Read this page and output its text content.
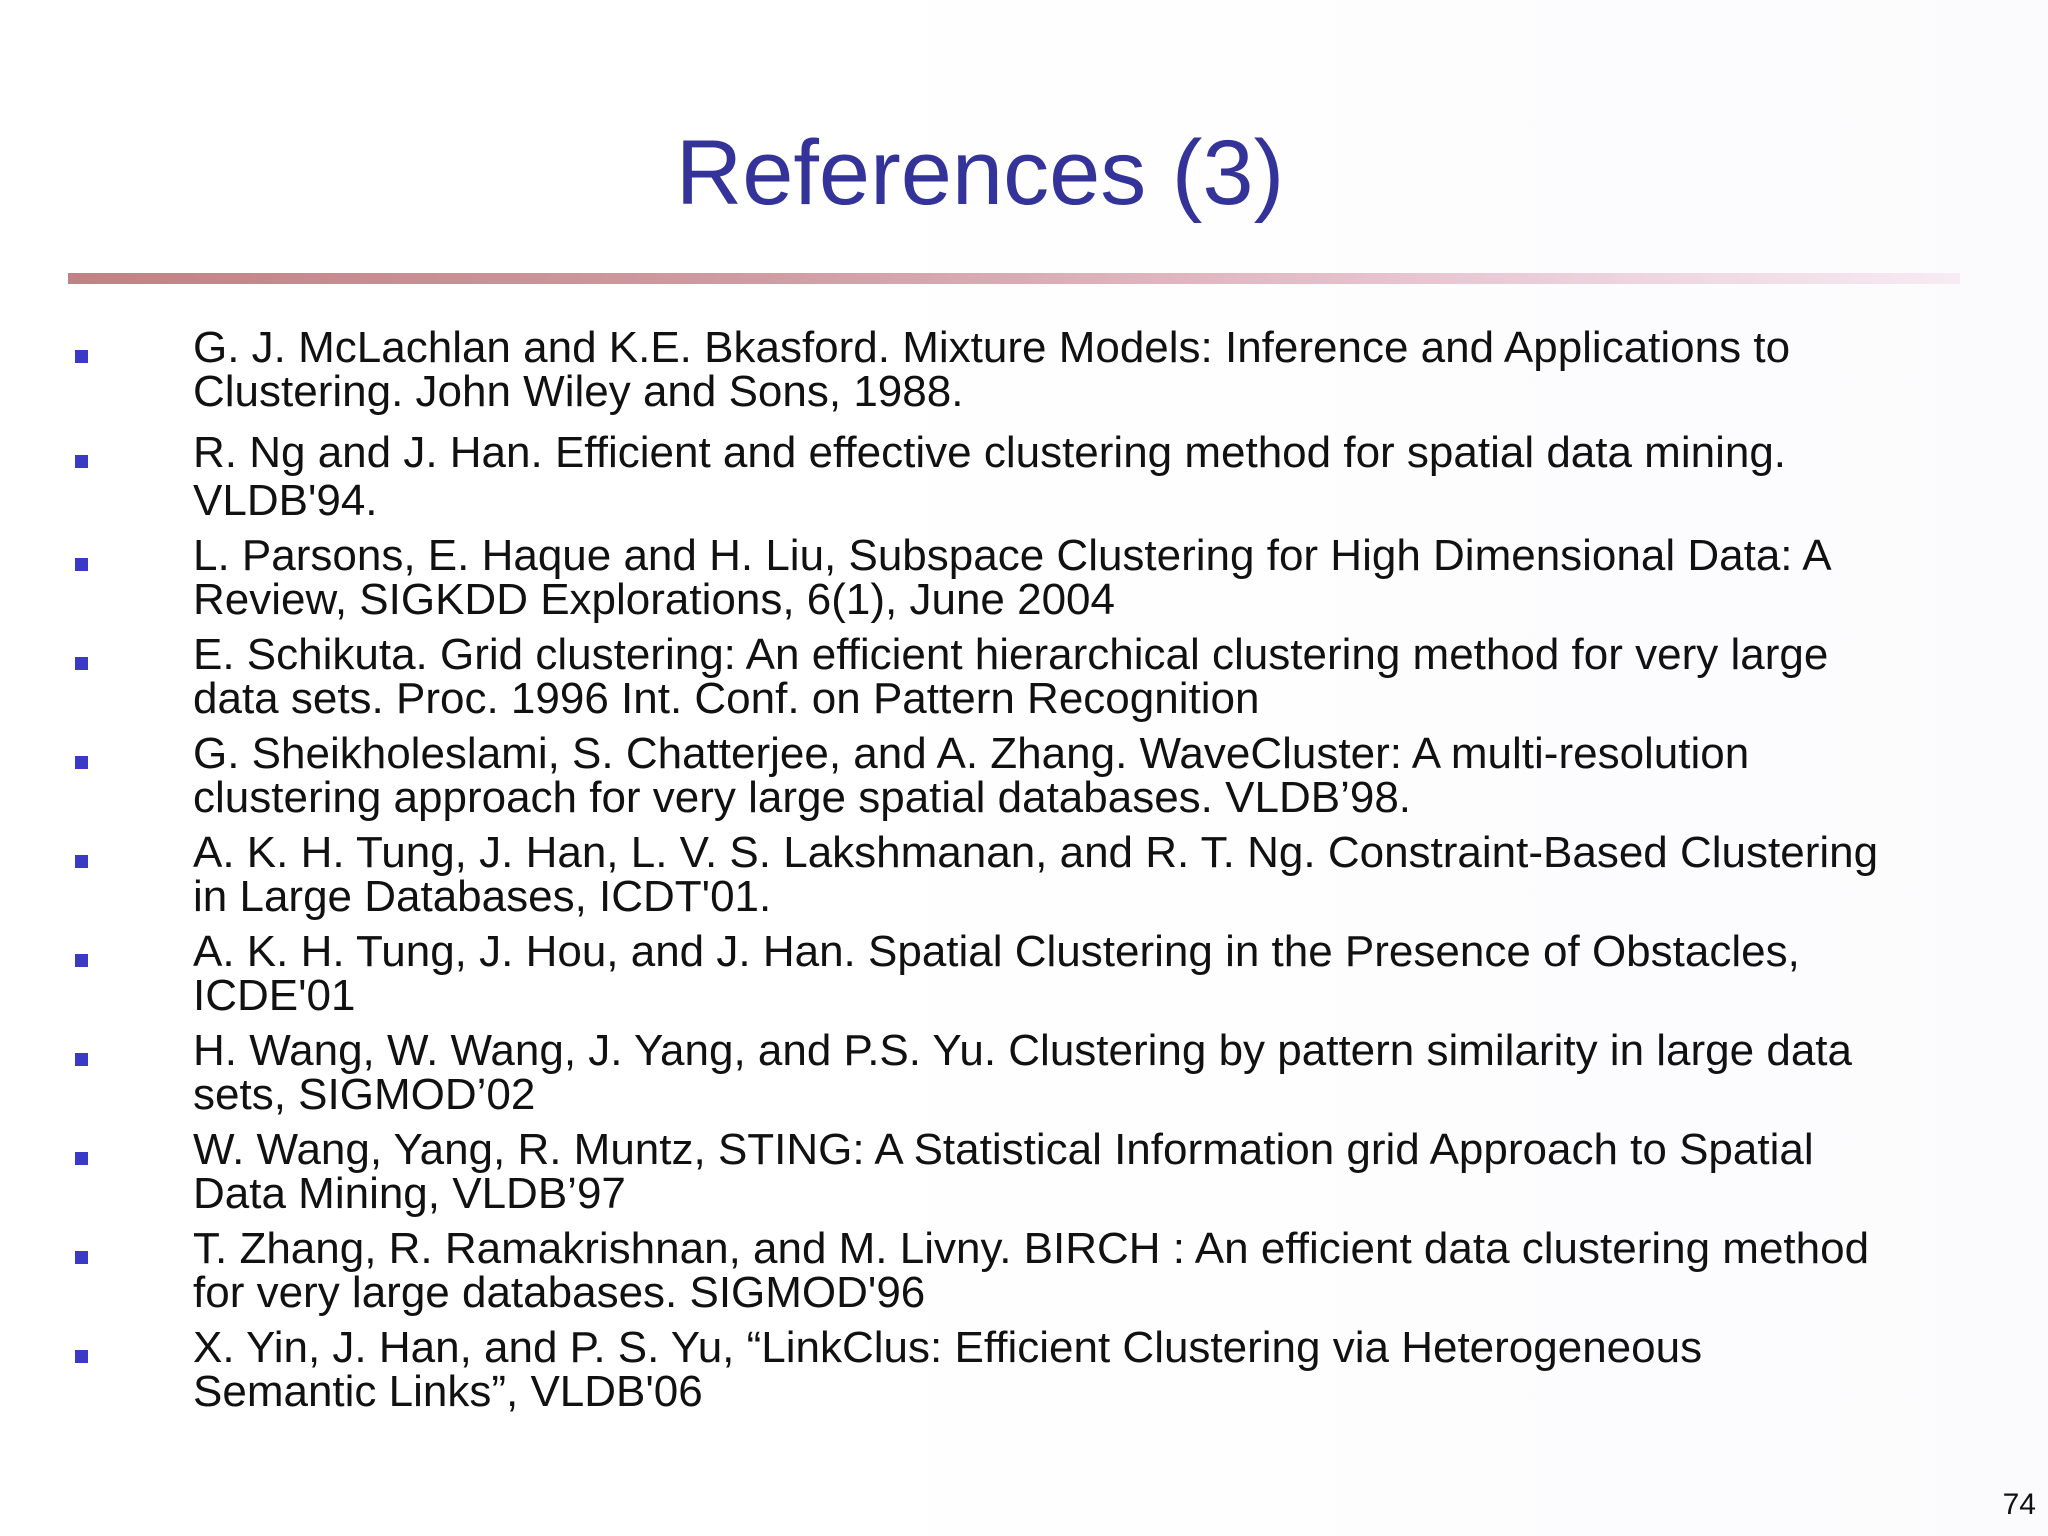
References (3)
G. J. McLachlan and K.E. Bkasford. Mixture Models: Inference and Applications to
Clustering. John Wiley and Sons, 1988.
R. Ng and J. Han. Efficient and effective clustering method for spatial data mining.
VLDB'94.
L. Parsons, E. Haque and H. Liu, Subspace Clustering for High Dimensional Data: A
Review, SIGKDD Explorations, 6(1), June 2004
E. Schikuta. Grid clustering: An efficient hierarchical clustering method for very large
data sets. Proc. 1996 Int. Conf. on Pattern Recognition
G. Sheikholeslami, S. Chatterjee, and A. Zhang. WaveCluster: A multi-resolution
clustering approach for very large spatial databases. VLDB’98.
A. K. H. Tung, J. Han, L. V. S. Lakshmanan, and R. T. Ng. Constraint-Based Clustering
in Large Databases, ICDT'01.
A. K. H. Tung, J. Hou, and J. Han. Spatial Clustering in the Presence of Obstacles,
ICDE'01
H. Wang, W. Wang, J. Yang, and P.S. Yu. Clustering by pattern similarity in large data
sets, SIGMOD’02
W. Wang, Yang, R. Muntz, STING: A Statistical Information grid Approach to Spatial
Data Mining, VLDB’97
T. Zhang, R. Ramakrishnan, and M. Livny. BIRCH : An efficient data clustering method
for very large databases. SIGMOD'96
X. Yin, J. Han, and P. S. Yu, “LinkClus: Efficient Clustering via Heterogeneous
Semantic Links”, VLDB'06
74
